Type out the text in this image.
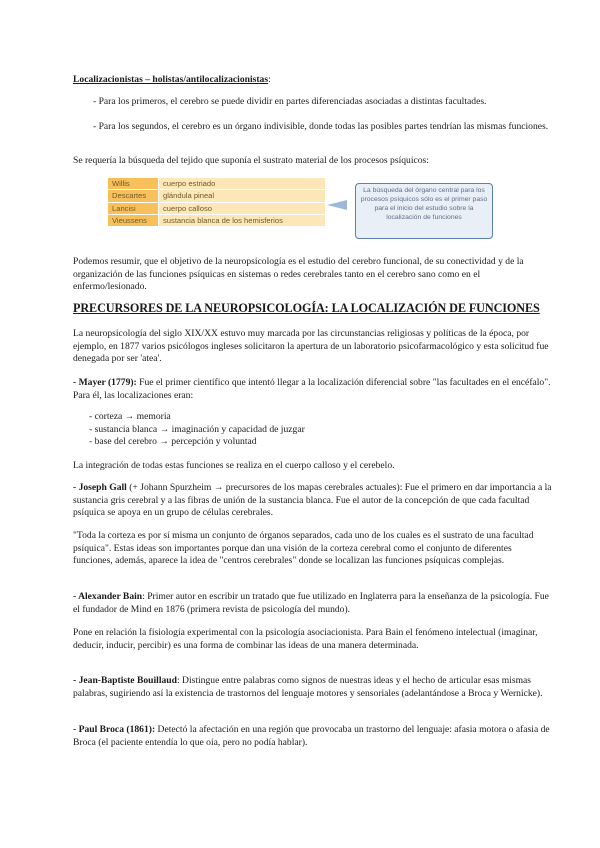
Localizacionistas – holistas/antilocalizacionistas:

- Para los primeros, el cerebro se puede dividir en partes diferenciadas asociadas a distintas facultades.

- Para los segundos, el cerebro es un órgano indivisible, donde todas las posibles partes tendrían las mismas funciones.

Se requería la búsqueda del tejido que suponía el sustrato material de los procesos psíquicos:

Willis	cuerpo estriado
Descartes	glándula pineal
Lancisi	cuerpo calloso
Vieussens	sustancia blanca de los hemisferios
La búsqueda del órgano central para los procesos psíquicos sólo es el primer paso para el inicio del estudio sobre la localización de funciones

Podemos resumir, que el objetivo de la neuropsicología es el estudio del cerebro funcional, de su conectividad y de la organización de las funciones psíquicas en sistemas o redes cerebrales tanto en el cerebro sano como en el enfermo/lesionado.

PRECURSORES DE LA NEUROPSICOLOGÍA: LA LOCALIZACIÓN DE FUNCIONES

La neuropsicología del siglo XIX/XX estuvo muy marcada por las circunstancias religiosas y políticas de la época, por ejemplo, en 1877 varios psicólogos ingleses solicitaron la apertura de un laboratorio psicofarmacológico y esta solicitud fue denegada por ser 'atea'.

- Mayer (1779): Fue el primer científico que intentó llegar a la localización diferencial sobre "las facultades en el encéfalo". Para él, las localizaciones eran:

- corteza → memoria
- sustancia blanca → imaginación y capacidad de juzgar
- base del cerebro → percepción y voluntad

La integración de todas estas funciones se realiza en el cuerpo calloso y el cerebelo.

- Joseph Gall (+ Johann Spurzheim → precursores de los mapas cerebrales actuales): Fue el primero en dar importancia a la sustancia gris cerebral y a las fibras de unión de la sustancia blanca. Fue el autor de la concepción de que cada facultad psíquica se apoya en un grupo de células cerebrales.

"Toda la corteza es por sí misma un conjunto de órganos separados, cada uno de los cuales es el sustrato de una facultad psíquica". Estas ideas son importantes porque dan una visión de la corteza cerebral como el conjunto de diferentes funciones, además, aparece la idea de "centros cerebrales" donde se localizan las funciones psíquicas complejas.

- Alexander Bain: Primer autor en escribir un tratado que fue utilizado en Inglaterra para la enseñanza de la psicología. Fue el fundador de Mind en 1876 (primera revista de psicología del mundo).

Pone en relación la fisiología experimental con la psicología asociacionista. Para Bain el fenómeno intelectual (imaginar, deducir, inducir, percibir) es una forma de combinar las ideas de una manera determinada.

- Jean-Baptiste Bouillaud: Distingue entre palabras como signos de nuestras ideas y el hecho de articular esas mismas palabras, sugiriendo así la existencia de trastornos del lenguaje motores y sensoriales (adelantándose a Broca y Wernicke).

- Paul Broca (1861): Detectó la afectación en una región que provocaba un trastorno del lenguaje: afasia motora o afasia de Broca (el paciente entendía lo que oía, pero no podía hablar).
